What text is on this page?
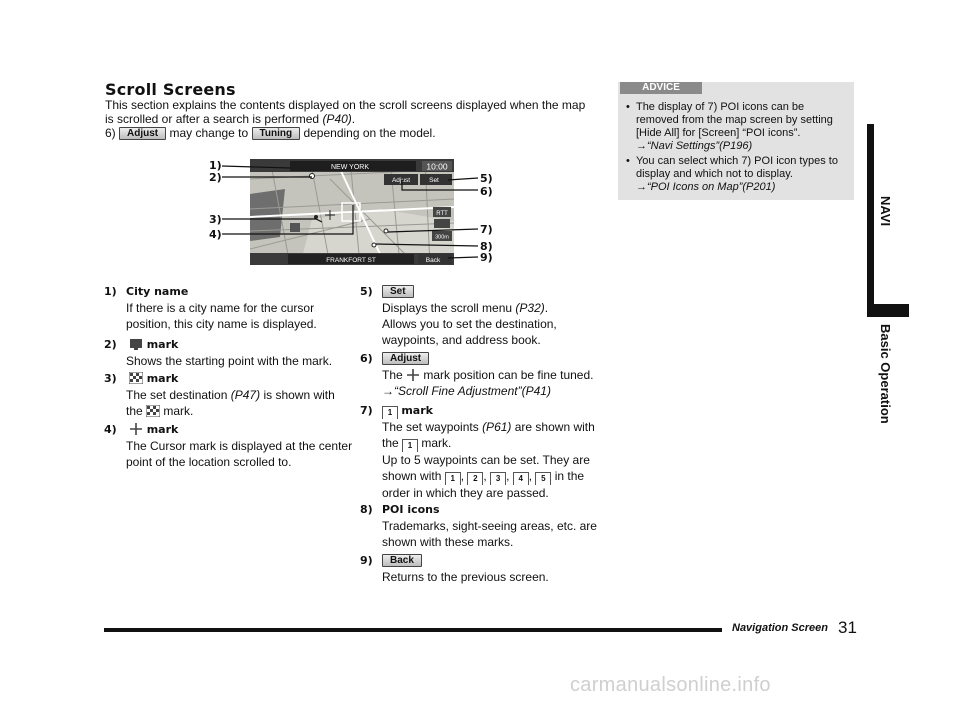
Scroll Screens
This section explains the contents displayed on the scroll screens displayed when the map is scrolled or after a search is performed (P40).
6) Adjust may change to Tuning depending on the model.
NEW YORK	10:00
Adjust	Set
RTT
300m
FRANKFORT ST	Back
1)
2)
3)
4)
5)
6)
7)
8)
9)
1) City name
If there is a city name for the cursor
position, this city name is displayed.
2)	mark
Shows the starting point with the mark.
3)	mark
The set destination (P47) is shown with
the mark.
4)	mark
The Cursor mark is displayed at the center
point of the location scrolled to.
5) Set
Displays the scroll menu (P32).
Allows you to set the destination,
waypoints, and address book.
6) Adjust
The mark position can be fine tuned.
→“Scroll Fine Adjustment”(P41)
7) 1 mark
The set waypoints (P61) are shown with
the 1 mark.
Up to 5 waypoints can be set. They are
shown with 1 , 2 , 3 , 4 , 5 in the
order in which they are passed.
8) POI icons
Trademarks, sight-seeing areas, etc. are
shown with these marks.
9) Back
Returns to the previous screen.
ADVICE
•  The display of 7) POI icons can be
removed from the map screen by setting
[Hide All] for [Screen] “POI icons”.
→“Navi Settings”(P196)
•  You can select which 7) POI icon types to
display and which not to display.
→“POI Icons on Map”(P201)
NAVI
Basic Operation
Navigation Screen 31
carmanualsonline.info
